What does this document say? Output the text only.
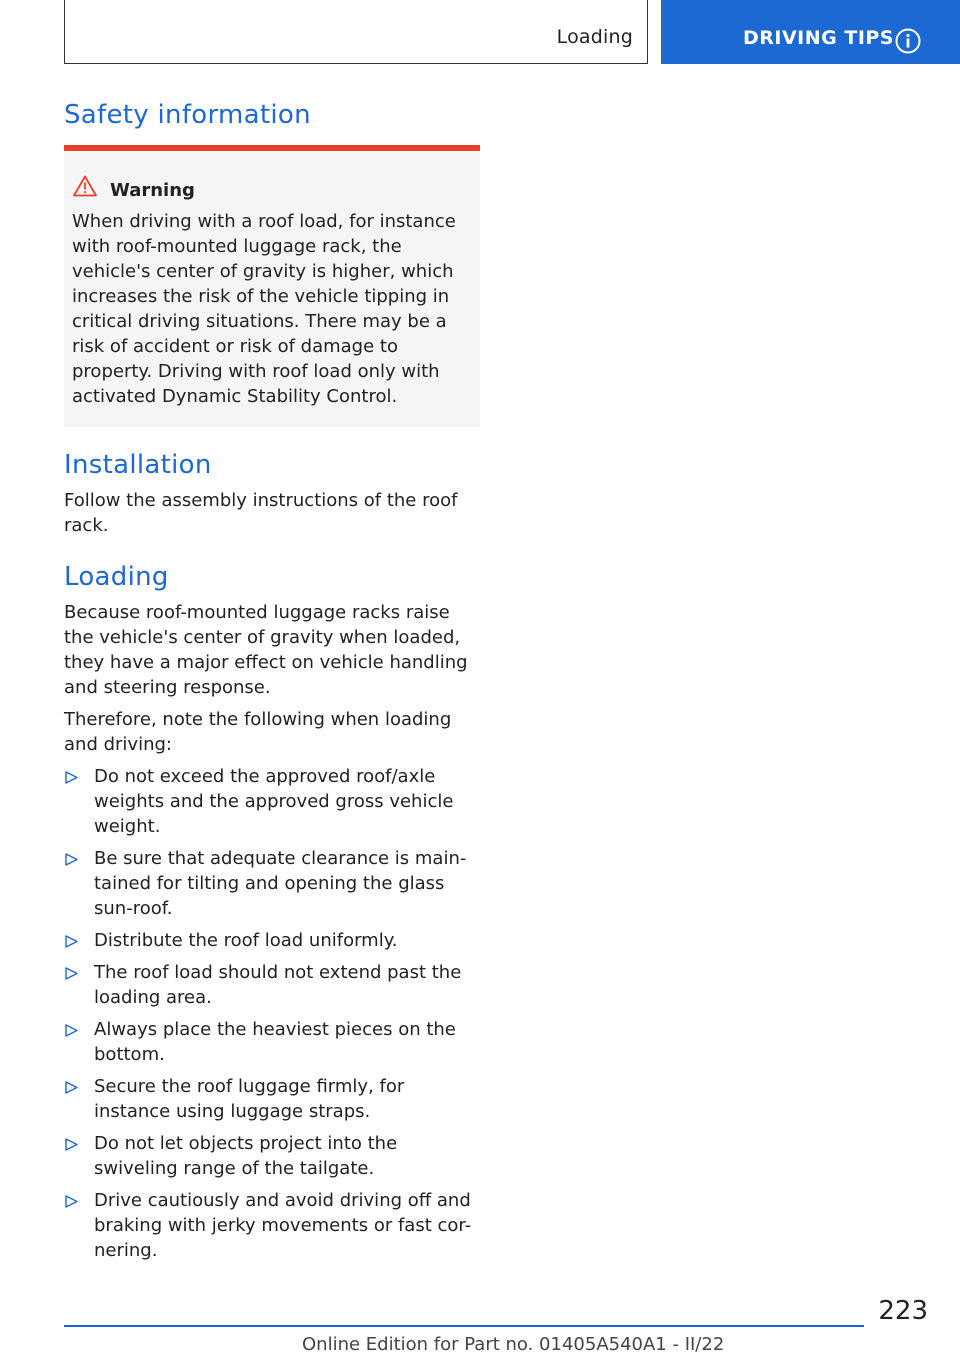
Loading	DRIVING TIPS
Safety information
Warning

When driving with a roof load, for instance with roof-mounted luggage rack, the vehicle's center of gravity is higher, which increases the risk of the vehicle tipping in critical driving situations. There may be a risk of accident or risk of damage to property. Driving with roof load only with activated Dynamic Stability Control.

Installation

Follow the assembly instructions of the roof rack.

Loading

Because roof-mounted luggage racks raise the vehicle's center of gravity when loaded, they have a major effect on vehicle handling and steering response.

Therefore, note the following when loading and driving:

Do not exceed the approved roof/axle weights and the approved gross vehicle weight.
Be sure that adequate clearance is main-tained for tilting and opening the glass sun-roof.
Distribute the roof load uniformly.
The roof load should not extend past the loading area.
Always place the heaviest pieces on the bottom.
Secure the roof luggage firmly, for instance using luggage straps.
Do not let objects project into the swiveling range of the tailgate.
Drive cautiously and avoid driving off and braking with jerky movements or fast cor-nering.
223
Online Edition for Part no. 01405A540A1 - II/22
